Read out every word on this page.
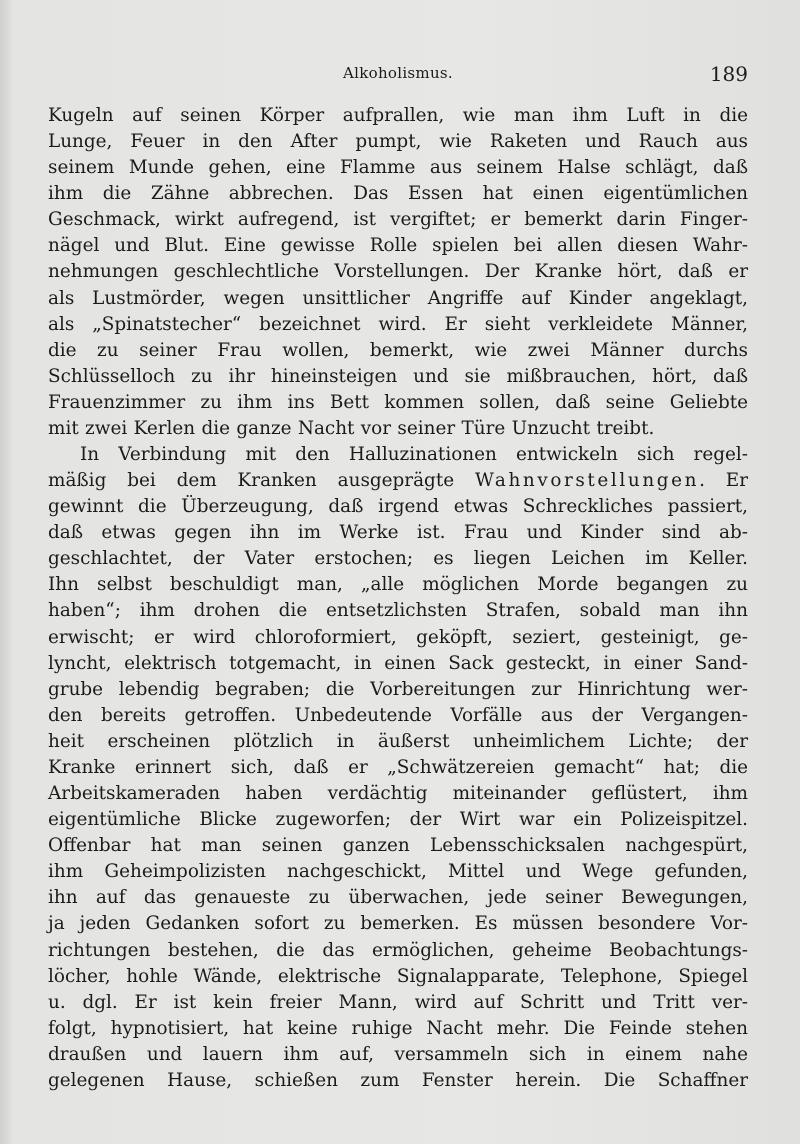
Alkoholismus.	189
Kugeln auf seinen Körper aufprallen, wie man ihm Luft in die
Lunge, Feuer in den After pumpt, wie Raketen und Rauch aus
seinem Munde gehen, eine Flamme aus seinem Halse schlägt, daß
ihm die Zähne abbrechen. Das Essen hat einen eigentümlichen
Geschmack, wirkt aufregend, ist vergiftet; er bemerkt darin Finger-
nägel und Blut. Eine gewisse Rolle spielen bei allen diesen Wahr-
nehmungen geschlechtliche Vorstellungen. Der Kranke hört, daß er
als Lustmörder, wegen unsittlicher Angriffe auf Kinder angeklagt,
als „Spinatstecher“ bezeichnet wird. Er sieht verkleidete Männer,
die zu seiner Frau wollen, bemerkt, wie zwei Männer durchs
Schlüsselloch zu ihr hineinsteigen und sie mißbrauchen, hört, daß
Frauenzimmer zu ihm ins Bett kommen sollen, daß seine Geliebte
mit zwei Kerlen die ganze Nacht vor seiner Türe Unzucht treibt.
In Verbindung mit den Halluzinationen entwickeln sich regel-
mäßig bei dem Kranken ausgeprägte Wahnvorstellungen. Er
gewinnt die Überzeugung, daß irgend etwas Schreckliches passiert,
daß etwas gegen ihn im Werke ist. Frau und Kinder sind ab-
geschlachtet, der Vater erstochen; es liegen Leichen im Keller.
Ihn selbst beschuldigt man, „alle möglichen Morde begangen zu
haben“; ihm drohen die entsetzlichsten Strafen, sobald man ihn
erwischt; er wird chloroformiert, geköpft, seziert, gesteinigt, ge-
lyncht, elektrisch totgemacht, in einen Sack gesteckt, in einer Sand-
grube lebendig begraben; die Vorbereitungen zur Hinrichtung wer-
den bereits getroffen. Unbedeutende Vorfälle aus der Vergangen-
heit erscheinen plötzlich in äußerst unheimlichem Lichte; der
Kranke erinnert sich, daß er „Schwätzereien gemacht“ hat; die
Arbeitskameraden haben verdächtig miteinander geflüstert, ihm
eigentümliche Blicke zugeworfen; der Wirt war ein Polizeispitzel.
Offenbar hat man seinen ganzen Lebensschicksalen nachgespürt,
ihm Geheimpolizisten nachgeschickt, Mittel und Wege gefunden,
ihn auf das genaueste zu überwachen, jede seiner Bewegungen,
ja jeden Gedanken sofort zu bemerken. Es müssen besondere Vor-
richtungen bestehen, die das ermöglichen, geheime Beobachtungs-
löcher, hohle Wände, elektrische Signalapparate, Telephone, Spiegel
u. dgl. Er ist kein freier Mann, wird auf Schritt und Tritt ver-
folgt, hypnotisiert, hat keine ruhige Nacht mehr. Die Feinde stehen
draußen und lauern ihm auf, versammeln sich in einem nahe
gelegenen Hause, schießen zum Fenster herein. Die Schaffner
